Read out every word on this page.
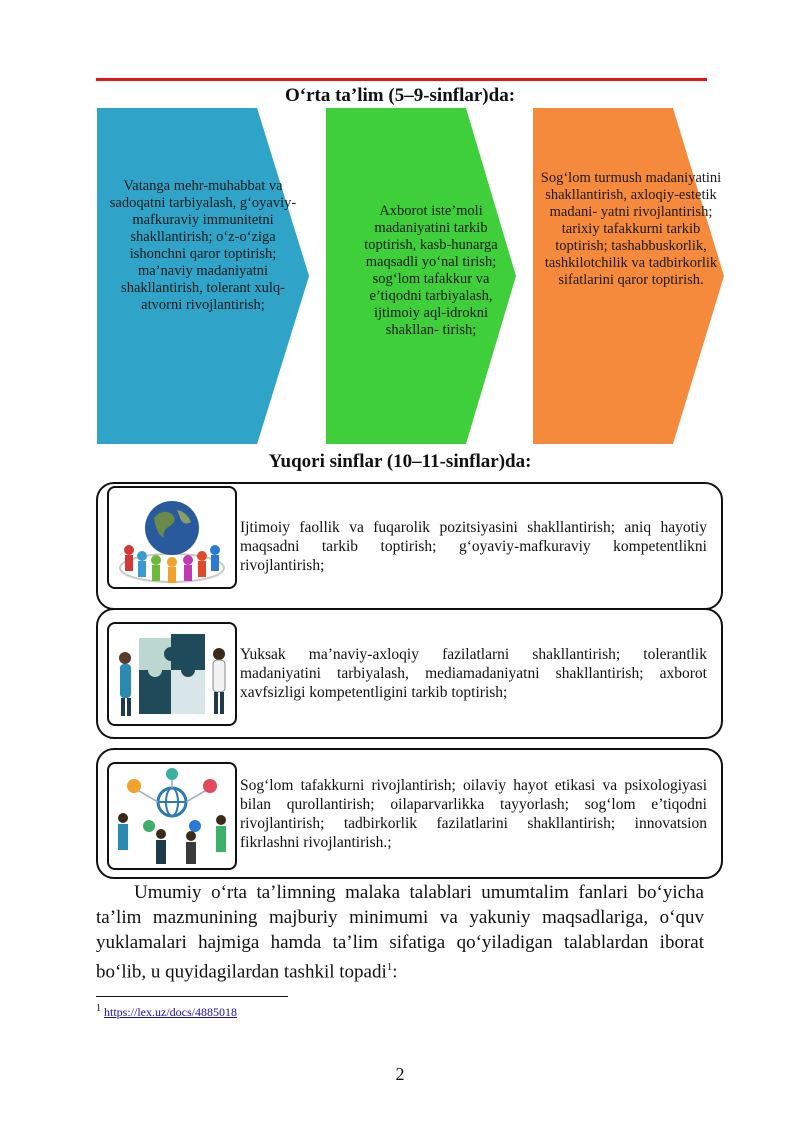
O‘rta ta’lim (5–9-sinflar)da:
Vatanga mehr-muhabbat va sadoqatni tarbiyalash, g‘oyaviy-mafkuraviy immunitetni shakllantirish; o‘z-o‘ziga ishonchni qaror toptirish; ma’naviy madaniyatni shakllantirish, tolerant xulq-atvorni rivojlantirish;
Axborot iste’moli madaniyatini tarkib toptirish, kasb-hunarga maqsadli yo‘nal tirish; sog‘lom tafakkur va e’tiqodni tarbiyalash, ijtimoiy aql-idrokni shakllan- tirish;
Sog‘lom turmush madaniyatini shakllantirish, axloqiy-estetik madani- yatni rivojlantirish; tarixiy tafakkurni tarkib toptirish; tashabbuskorlik, tashkilotchilik va tadbirkorlik sifatlarini qaror toptirish.
Yuqori sinflar (10–11-sinflar)da:
Ijtimoiy faollik va fuqarolik pozitsiyasini shakllantirish; aniq hayotiy maqsadni tarkib toptirish; g‘oyaviy-mafkuraviy kompetentlikni rivojlantirish;
Yuksak ma’naviy-axloqiy fazilatlarni shakllantirish; tolerantlik madaniyatini tarbiyalash, mediamadaniyatni shakllantirish; axborot xavfsizligi kompetentligini tarkib toptirish;
Sog‘lom tafakkurni rivojlantirish; oilaviy hayot etikasi va psixologiyasi bilan qurollantirish; oilaparvarlikka tayyorlash; sog‘lom e’tiqodni rivojlantirish; tadbirkorlik fazilatlarini shakllantirish; innovatsion fikrlashni rivojlantirish.;
Umumiy o‘rta ta’limning malaka talablari umumtalim fanlari bo‘yicha ta’lim mazmunining majburiy minimumi va yakuniy maqsadlariga, o‘quv yuklamalari hajmiga hamda ta’lim sifatiga qo‘yiladigan talablardan iborat bo‘lib, u quyidagilardan tashkil topadi$^1$:
$^1$ https://lex.uz/docs/4885018
2
